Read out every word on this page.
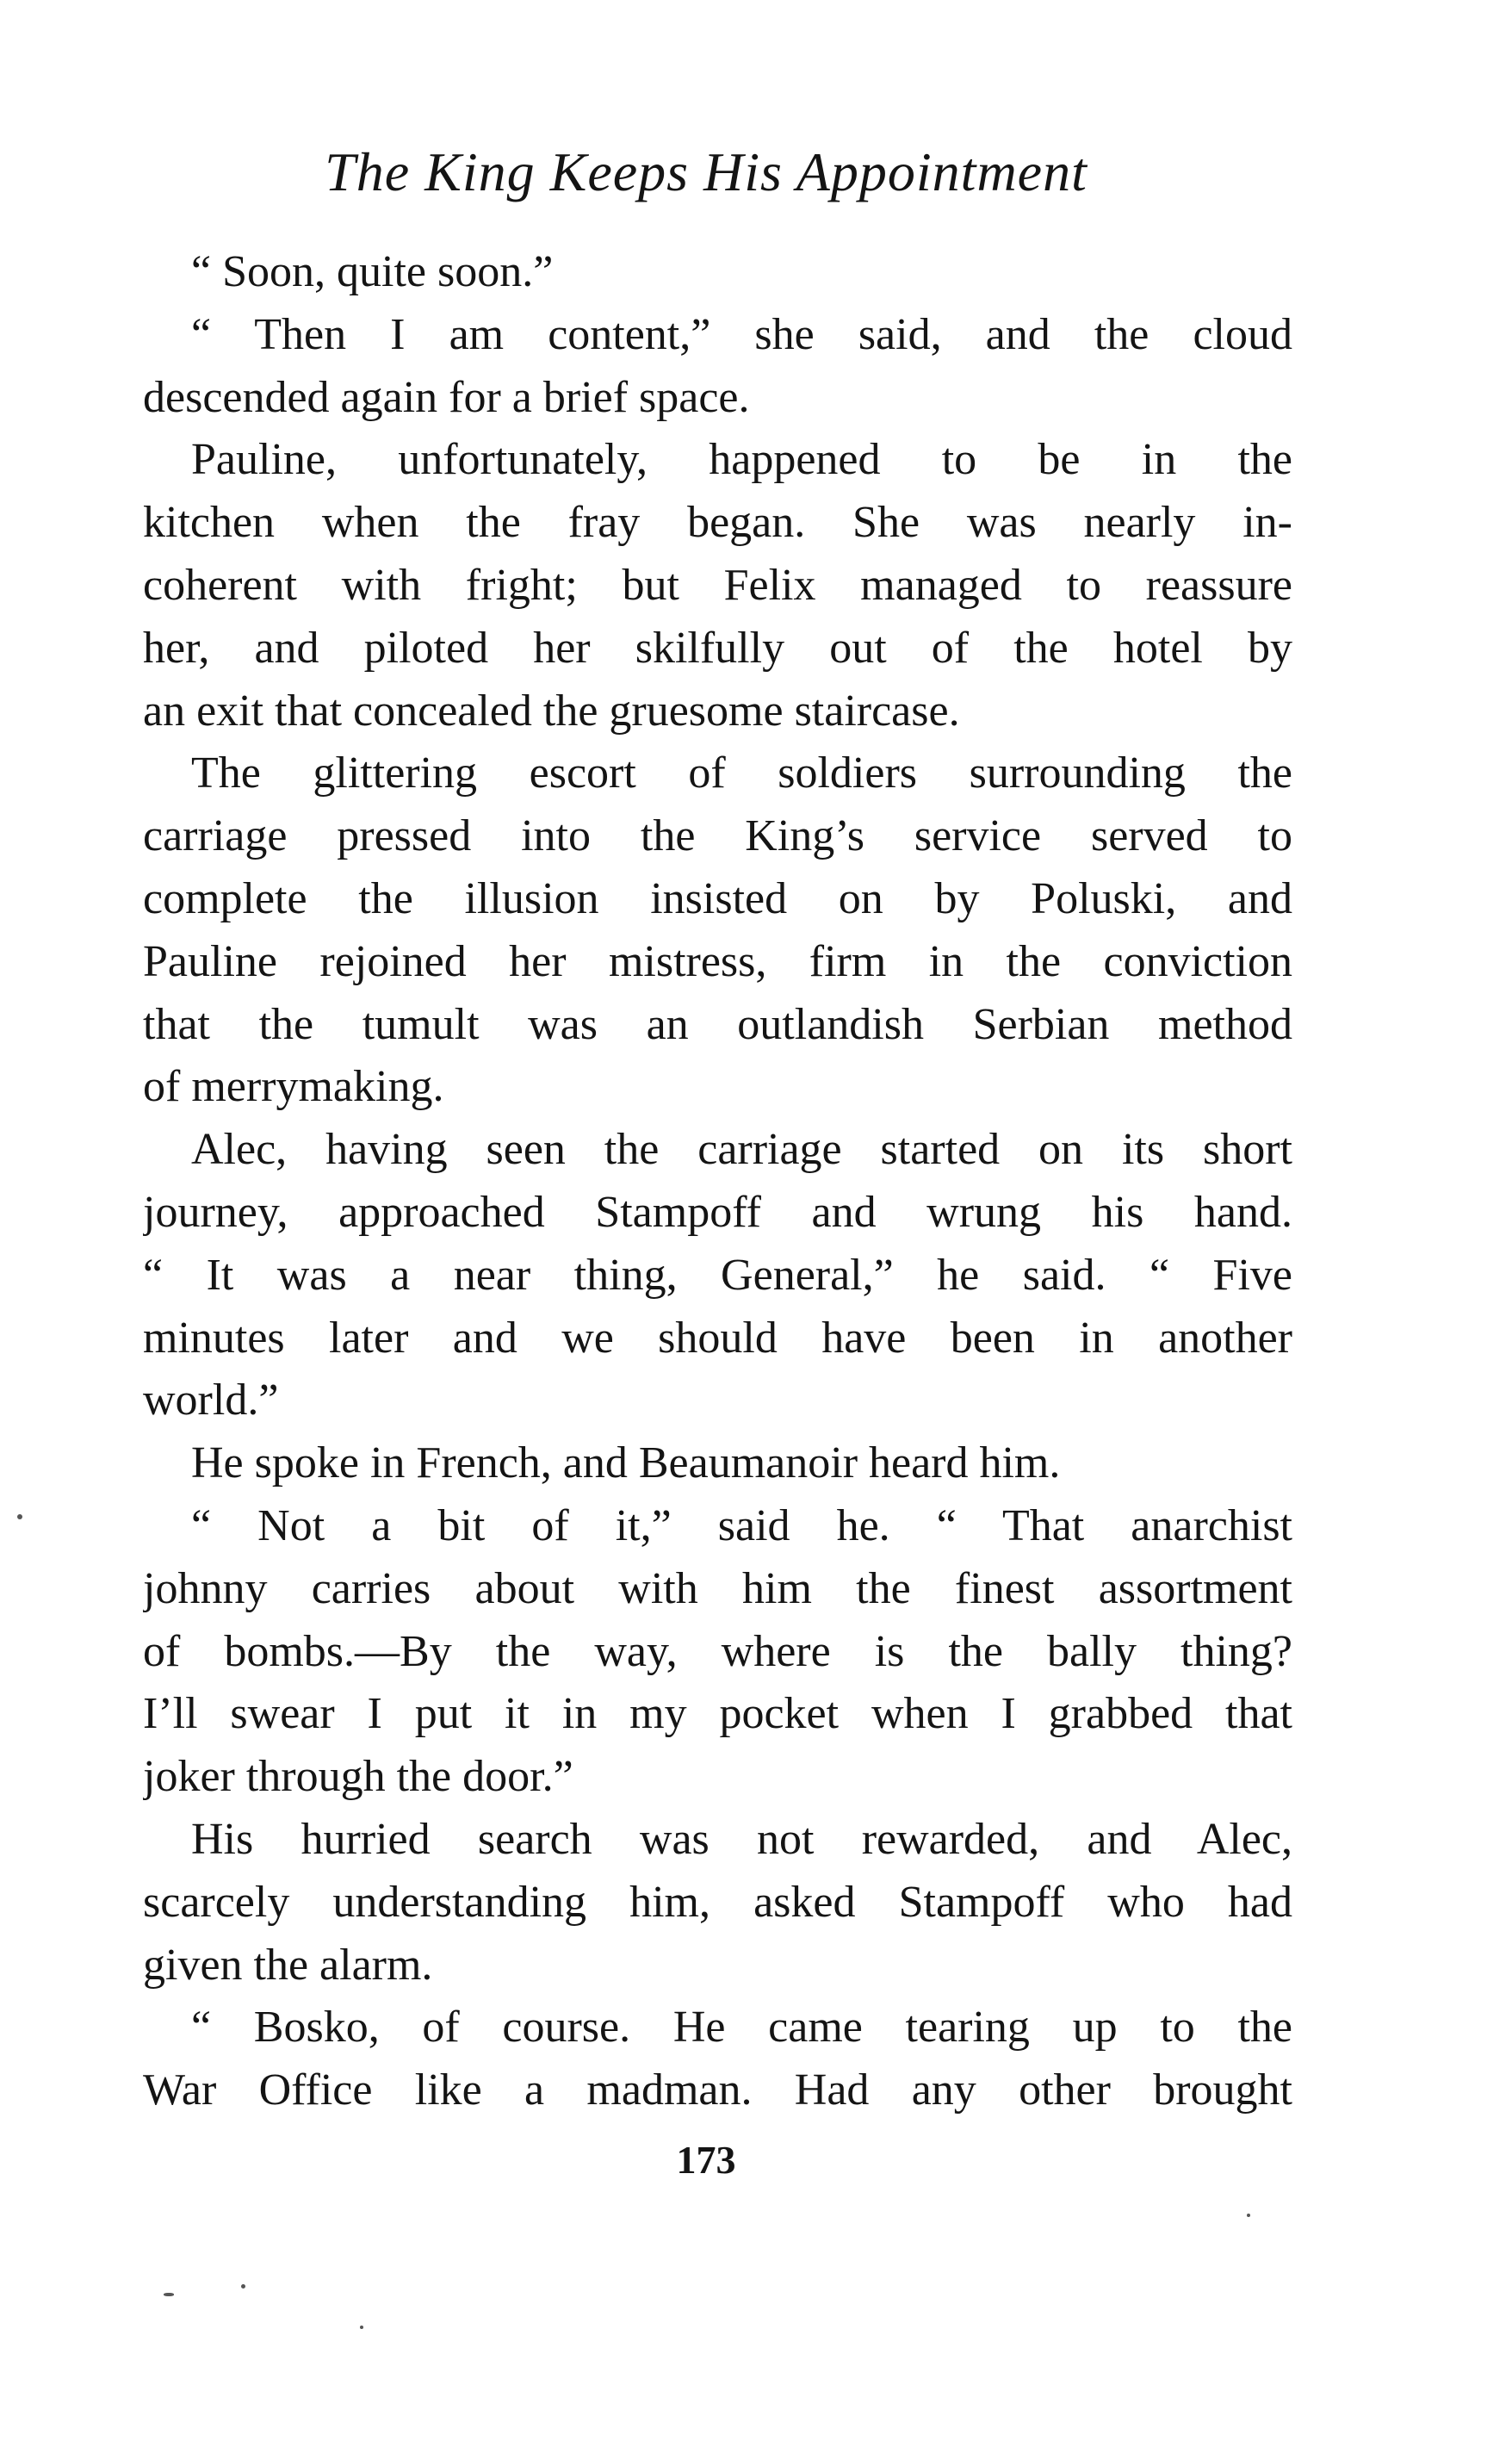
The King Keeps His Appointment
“ Soon, quite soon.”
“ Then I am content,” she said, and the cloud
descended again for a brief space.
Pauline, unfortunately, happened to be in the
kitchen when the fray began. She was nearly in-
coherent with fright; but Felix managed to reassure
her, and piloted her skilfully out of the hotel by
an exit that concealed the gruesome staircase.
The glittering escort of soldiers surrounding the
carriage pressed into the King’s service served to
complete the illusion insisted on by Poluski, and
Pauline rejoined her mistress, firm in the conviction
that the tumult was an outlandish Serbian method
of merrymaking.
Alec, having seen the carriage started on its short
journey, approached Stampoff and wrung his hand.
“ It was a near thing, General,” he said. “ Five
minutes later and we should have been in another
world.”
He spoke in French, and Beaumanoir heard him.
“ Not a bit of it,” said he. “ That anarchist
johnny carries about with him the finest assortment
of bombs.—By the way, where is the bally thing?
I’ll swear I put it in my pocket when I grabbed that
joker through the door.”
His hurried search was not rewarded, and Alec,
scarcely understanding him, asked Stampoff who had
given the alarm.
“ Bosko, of course. He came tearing up to the
War Office like a madman. Had any other brought
173
